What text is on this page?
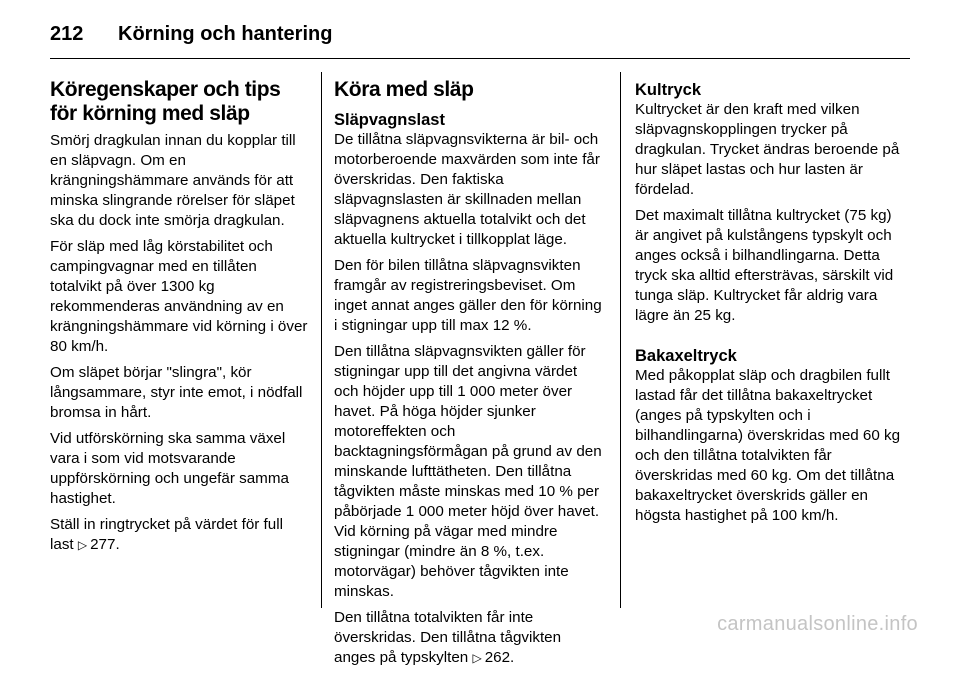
212	Körning och hantering
Köregenskaper och tips för körning med släp

Smörj dragkulan innan du kopplar till en släpvagn. Om en krängningshämmare används för att minska slingrande rörelser för släpet ska du dock inte smörja dragkulan.

För släp med låg körstabilitet och campingvagnar med en tillåten totalvikt på över 1300 kg rekommenderas användning av en krängningshämmare vid körning i över 80 km/h.

Om släpet börjar "slingra", kör långsammare, styr inte emot, i nödfall bromsa in hårt.

Vid utförskörning ska samma växel vara i som vid motsvarande uppförskörning och ungefär samma hastighet.

Ställ in ringtrycket på värdet för full last ▷ 277.

Köra med släp
Släpvagnslast

De tillåtna släpvagnsvikterna är bil- och motorberoende maxvärden som inte får överskridas. Den faktiska släpvagnslasten är skillnaden mellan släpvagnens aktuella totalvikt och det aktuella kultrycket i tillkopplat läge.

Den för bilen tillåtna släpvagnsvikten framgår av registreringsbeviset. Om inget annat anges gäller den för körning i stigningar upp till max 12 %.

Den tillåtna släpvagnsvikten gäller för stigningar upp till det angivna värdet och höjder upp till 1 000 meter över havet. På höga höjder sjunker motoreffekten och backtagningsförmågan på grund av den minskande lufttätheten. Den tillåtna tågvikten måste minskas med 10 % per påbörjade 1 000 meter höjd över havet. Vid körning på vägar med mindre stigningar (mindre än 8 %, t.ex. motorvägar) behöver tågvikten inte minskas.

Den tillåtna totalvikten får inte överskridas. Den tillåtna tågvikten anges på typskylten ▷ 262.

Kultryck

Kultrycket är den kraft med vilken släpvagnskopplingen trycker på dragkulan. Trycket ändras beroende på hur släpet lastas och hur lasten är fördelad.

Det maximalt tillåtna kultrycket (75 kg) är angivet på kulstångens typskylt och anges också i bilhandlingarna. Detta tryck ska alltid eftersträvas, särskilt vid tunga släp. Kultrycket får aldrig vara lägre än 25 kg.

Bakaxeltryck

Med påkopplat släp och dragbilen fullt lastad får det tillåtna bakaxeltrycket (anges på typskylten och i bilhandlingarna) överskridas med 60 kg och den tillåtna totalvikten får överskridas med 60 kg. Om det tillåtna bakaxeltrycket överskrids gäller en högsta hastighet på 100 km/h.

carmanualsonline.info
